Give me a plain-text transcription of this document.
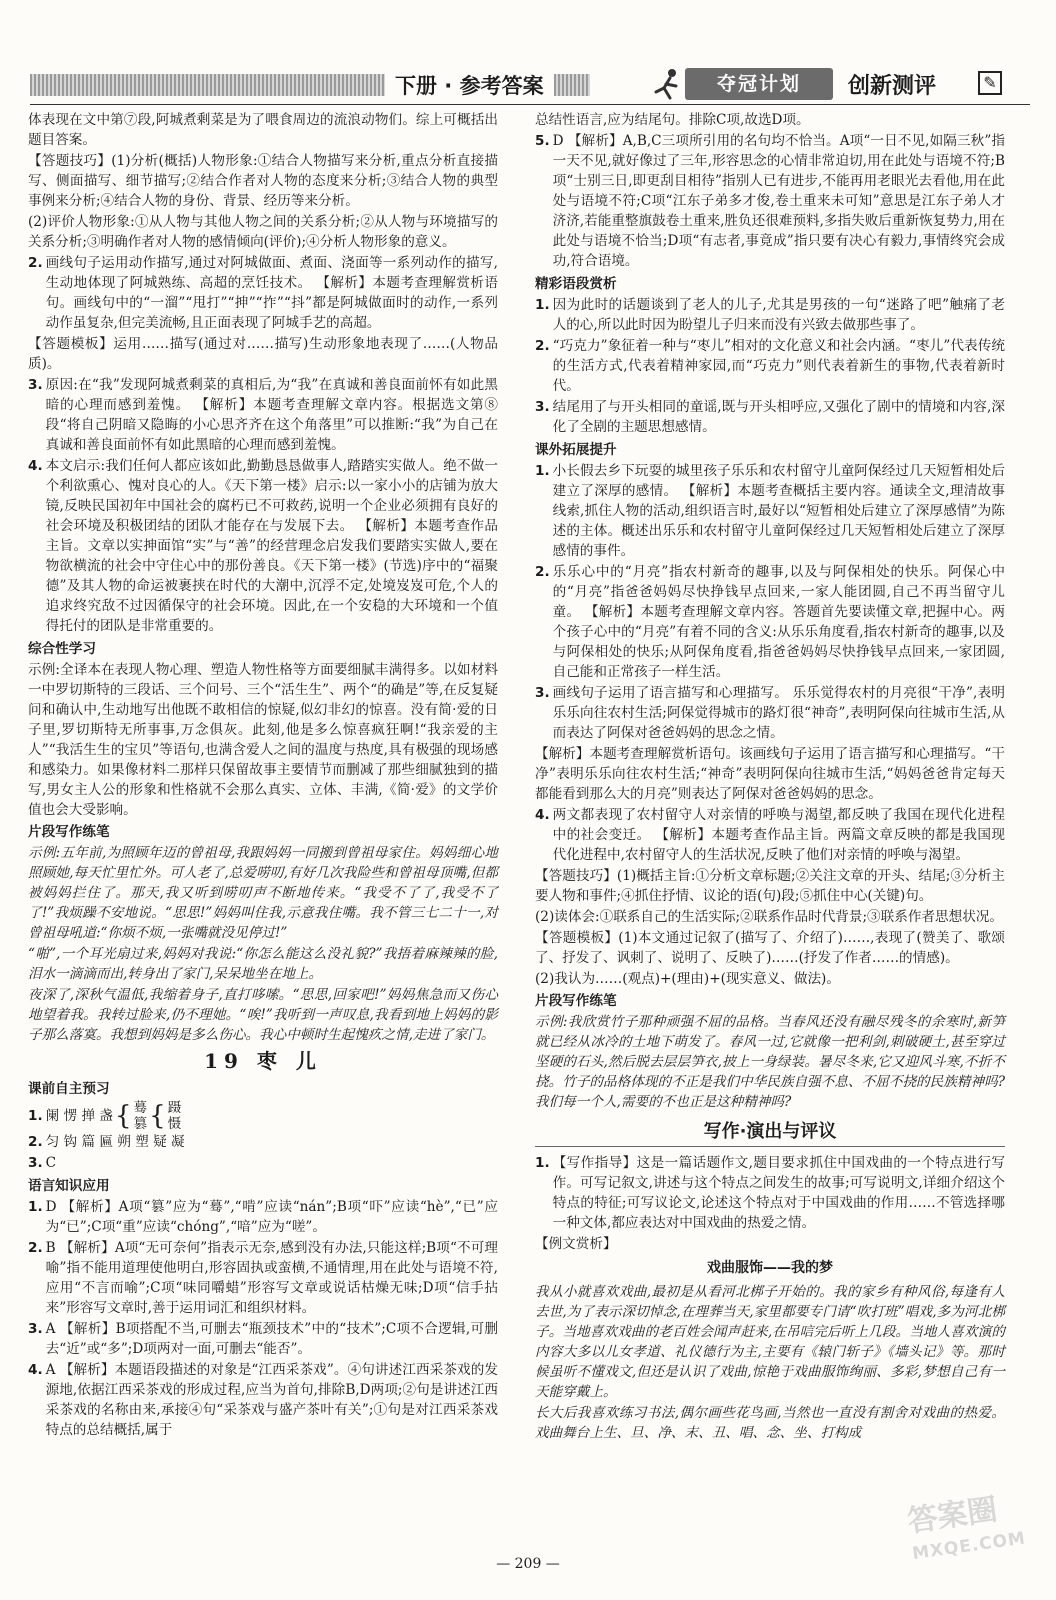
下册 · 参考答案	夺冠计划	创新测评	✎
体表现在文中第⑦段,阿城煮剩菜是为了喂食周边的流浪动物们。综上可概括出题目答案。
【答题技巧】(1)分析(概括)人物形象:①结合人物描写来分析,重点分析直接描写、侧面描写、细节描写;②结合作者对人物的态度来分析;③结合人物的典型事例来分析;④结合人物的身份、背景、经历等来分析。
(2)评价人物形象:①从人物与其他人物之间的关系分析;②从人物与环境描写的关系分析;③明确作者对人物的感情倾向(评价);④分析人物形象的意义。
2. 画线句子运用动作描写,通过对阿城做面、煮面、浇面等一系列动作的描写,生动地体现了阿城熟练、高超的烹饪技术。 【解析】本题考查理解赏析语句。画线句中的“一溜”“甩打”“抻”“拃”“抖”都是阿城做面时的动作,一系列动作虽复杂,但完美流畅,且正面表现了阿城手艺的高超。
【答题模板】运用……描写(通过对……描写)生动形象地表现了……(人物品质)。
3. 原因:在“我”发现阿城煮剩菜的真相后,为“我”在真诚和善良面前怀有如此黑暗的心理而感到羞愧。 【解析】本题考查理解文章内容。根据选文第⑧段“将自己阴暗又隐晦的小心思齐齐在这个角落里”可以推断:“我”为自己在真诚和善良面前怀有如此黑暗的心理而感到羞愧。
4. 本文启示:我们任何人都应该如此,勤勤恳恳做事人,踏踏实实做人。绝不做一个利欲熏心、愧对良心的人。《天下第一楼》启示:以一家小小的店铺为放大镜,反映民国初年中国社会的腐朽已不可救药,说明一个企业必须拥有良好的社会环境及积极团结的团队才能存在与发展下去。 【解析】本题考查作品主旨。文章以实抻面馆“实”与“善”的经营理念启发我们要踏实实做人,要在物欲横流的社会中守住心中的那份善良。《天下第一楼》(节选)序中的“福聚德”及其人物的命运被裹挟在时代的大潮中,沉浮不定,处境岌岌可危,个人的追求终究敌不过因循保守的社会环境。因此,在一个安稳的大环境和一个值得托付的团队是非常重要的。
综合性学习
示例:全译本在表现人物心理、塑造人物性格等方面要细腻丰满得多。以如材料一中罗切斯特的三段话、三个问号、三个“活生生”、两个“的确是”等,在反复疑问和确认中,生动地写出他既不敢相信的惊疑,似幻非幻的惊喜。没有简·爱的日子里,罗切斯特无所事事,万念俱灰。此刻,他是多么惊喜疯狂啊!“我亲爱的主人”“我活生生的宝贝”等语句,也满含爱人之间的温度与热度,具有极强的现场感和感染力。如果像材料二那样只保留故事主要情节而删减了那些细腻独到的描写,男女主人公的形象和性格就不会那么真实、立体、丰满,《简·爱》的文学价值也会大受影响。
片段写作练笔
示例:五年前,为照顾年迈的曾祖母,我跟妈妈一同搬到曾祖母家住。妈妈细心地照顾她,每天忙里忙外。可人老了,总爱唠叨,有好几次我险些和曾祖母顶嘴,但都被妈妈拦住了。那天,我又听到唠叨声不断地传来。“我受不了了,我受不了了!”我烦躁不安地说。“思思!”妈妈叫住我,示意我住嘴。我不管三七二十一,对曾祖母吼道:“你烦不烦,一张嘴就没见停过!”
“啪”,一个耳光扇过来,妈妈对我说:“你怎么能这么没礼貌?”我捂着麻辣辣的脸,泪水一滴滴而出,转身出了家门,呆呆地坐在地上。
夜深了,深秋气温低,我缩着身子,直打哆嗦。“思思,回家吧!”妈妈焦急而又伤心地望着我。我转过脸来,仍不理她。“唉!”我听到一声叹息,我看到地上妈妈的影子那么落寞。我想到妈妈是多么伤心。我心中顿时生起愧疚之情,走进了家门。
19 枣 儿
课前自主预习
1. 阑 愣 掸 盏 { 蓦
篡 { 蹑
慑
2. 匀 钩 篇 匾 朔 塑 疑 凝
3. C
语言知识应用
1. D 【解析】A项“篡”应为“蓦”,“啃”应读“nán”;B项“吓”应读“hè”,“已”应为“已”;C项“重”应读“chóng”,“喑”应为“嗟”。
2. B 【解析】A项“无可奈何”指表示无奈,感到没有办法,只能这样;B项“不可理喻”指不能用道理使他明白,形容固执或蛮横,不通情理,用在此处与语境不符,应用“不言而喻”;C项“味同嚼蜡”形容写文章或说话枯燥无味;D项“信手拈来”形容写文章时,善于运用词汇和组织材料。
3. A 【解析】B项搭配不当,可删去“瓶颈技术”中的“技术”;C项不合逻辑,可删去“近”或“多”;D项两对一面,可删去“能否”。
4. A 【解析】本题语段描述的对象是“江西采茶戏”。④句讲述江西采茶戏的发源地,依据江西采茶戏的形成过程,应当为首句,排除B,D两项;②句是讲述江西采茶戏的名称由来,承接④句“采茶戏与盛产茶叶有关”;①句是对江西采茶戏特点的总结概括,属于
总结性语言,应为结尾句。排除C项,故选D项。
5. D 【解析】A,B,C三项所引用的名句均不恰当。A项“一日不见,如隔三秋”指一天不见,就好像过了三年,形容思念的心情非常迫切,用在此处与语境不符;B项“士别三日,即更刮目相待”指别人已有进步,不能再用老眼光去看他,用在此处与语境不符;C项“江东子弟多才俊,卷土重来未可知”意思是江东子弟人才济济,若能重整旗鼓卷土重来,胜负还很难预料,多指失败后重新恢复势力,用在此处与语境不恰当;D项“有志者,事竟成”指只要有决心有毅力,事情终究会成功,符合语境。
精彩语段赏析
1. 因为此时的话题谈到了老人的儿子,尤其是男孩的一句“迷路了吧”触痛了老人的心,所以此时因为盼望儿子归来而没有兴致去做那些事了。
2. “巧克力”象征着一种与“枣儿”相对的文化意义和社会内涵。“枣儿”代表传统的生活方式,代表着精神家园,而“巧克力”则代表着新生的事物,代表着新时代。
3. 结尾用了与开头相同的童谣,既与开头相呼应,又强化了剧中的情境和内容,深化了全剧的主题思想感情。
课外拓展提升
1. 小长假去乡下玩耍的城里孩子乐乐和农村留守儿童阿保经过几天短暂相处后建立了深厚的感情。 【解析】本题考查概括主要内容。通读全文,理清故事线索,抓住人物的活动,组织语言时,最好以“短暂相处后建立了深厚感情”为陈述的主体。概述出乐乐和农村留守儿童阿保经过几天短暂相处后建立了深厚感情的事件。
2. 乐乐心中的“月亮”指农村新奇的趣事,以及与阿保相处的快乐。阿保心中的“月亮”指爸爸妈妈尽快挣钱早点回来,一家人能团圆,自己不再当留守儿童。 【解析】本题考查理解文章内容。答题首先要读懂文章,把握中心。两个孩子心中的“月亮”有着不同的含义:从乐乐角度看,指农村新奇的趣事,以及与阿保相处的快乐;从阿保角度看,指爸爸妈妈尽快挣钱早点回来,一家团圆,自己能和正常孩子一样生活。
3. 画线句子运用了语言描写和心理描写。 乐乐觉得农村的月亮很“干净”,表明乐乐向往农村生活;阿保觉得城市的路灯很“神奇”,表明阿保向往城市生活,从而表达了阿保对爸爸妈妈的思念之情。
【解析】本题考查理解赏析语句。该画线句子运用了语言描写和心理描写。“干净”表明乐乐向往农村生活;“神奇”表明阿保向往城市生活,“妈妈爸爸肯定每天都能看到那么大的月亮”则表达了阿保对爸爸妈妈的思念。
4. 两文都表现了农村留守人对亲情的呼唤与渴望,都反映了我国在现代化进程中的社会变迁。 【解析】本题考查作品主旨。两篇文章反映的都是我国现代化进程中,农村留守人的生活状况,反映了他们对亲情的呼唤与渴望。
【答题技巧】(1)概括主旨:①分析文章标题;②关注文章的开头、结尾;③分析主要人物和事件;④抓住抒情、议论的语(句)段;⑤抓住中心(关键)句。
(2)读体会:①联系自己的生活实际;②联系作品时代背景;③联系作者思想状况。
【答题模板】(1)本文通过记叙了(描写了、介绍了)……,表现了(赞美了、歌颂了、抒发了、讽刺了、说明了、反映了)……(抒发了作者……的情感)。
(2)我认为……(观点)+(理由)+(现实意义、做法)。
片段写作练笔
示例:我欣赏竹子那种顽强不屈的品格。当春风还没有融尽残冬的余寒时,新笋就已经从冰冷的土地下萌发了。春风一过,它就像一把利剑,刺破硬土,甚至穿过坚硬的石头,然后脱去层层笋衣,披上一身绿装。暑尽冬来,它又迎风斗寒,不折不挠。竹子的品格体现的不正是我们中华民族自强不息、不屈不挠的民族精神吗?我们每一个人,需要的不也正是这种精神吗?
写作·演出与评议
1. 【写作指导】这是一篇话题作文,题目要求抓住中国戏曲的一个特点进行写作。可写记叙文,讲述与这个特点之间发生的故事;可写说明文,详细介绍这个特点的特征;可写议论文,论述这个特点对于中国戏曲的作用……不管选择哪一种文体,都应表达对中国戏曲的热爱之情。
【例文赏析】
戏曲服饰——我的梦
我从小就喜欢戏曲,最初是从看河北梆子开始的。我的家乡有种风俗,每逢有人去世,为了表示深切悼念,在理葬当天,家里都要专门请“吹打班”唱戏,多为河北梆子。当地喜欢戏曲的老百姓会闻声赶来,在吊唁完后听上几段。当地人喜欢演的内容大多以儿女孝道、礼仪德行为主,主要有《辕门斩子》《墙头记》等。那时候虽听不懂戏文,但还是认识了戏曲,惊艳于戏曲服饰绚丽、多彩,梦想自己有一天能穿戴上。
长大后我喜欢练习书法,偶尔画些花鸟画,当然也一直没有割舍对戏曲的热爱。戏曲舞台上生、旦、净、末、丑、唱、念、坐、打构成
— 209 —
答案圈
MXQE.COM
